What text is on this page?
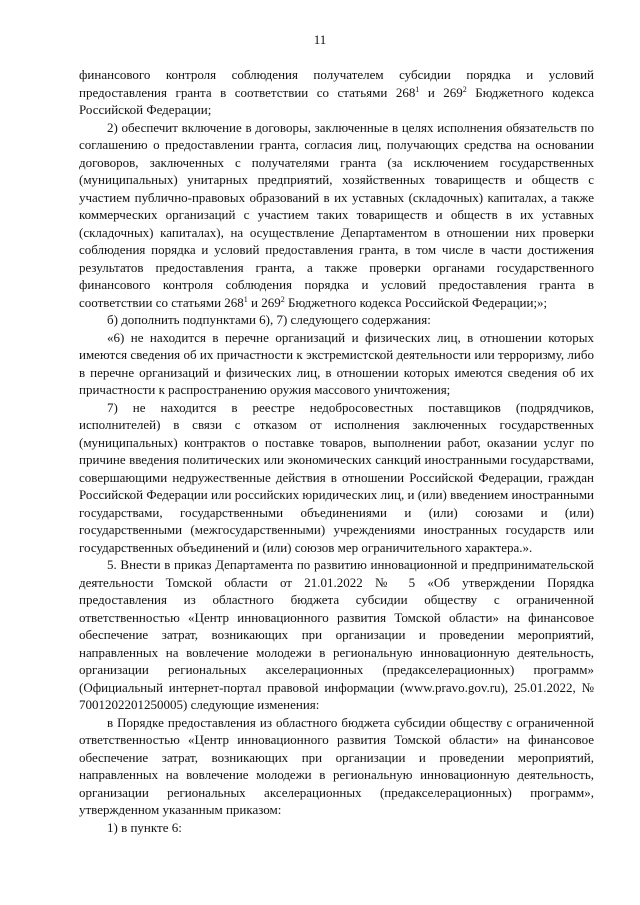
11

финансового контроля соблюдения получателем субсидии порядка и условий предоставления гранта в соответствии со статьями $268^1$ и $269^2$ Бюджетного кодекса Российской Федерации;

2) обеспечит включение в договоры, заключенные в целях исполнения обязательств по соглашению о предоставлении гранта, согласия лиц, получающих средства на основании договоров, заключенных с получателями гранта (за исключением государственных (муниципальных) унитарных предприятий, хозяйственных товариществ и обществ с участием публично-правовых образований в их уставных (складочных) капиталах, а также коммерческих организаций с участием таких товариществ и обществ в их уставных (складочных) капиталах), на осуществление Департаментом в отношении них проверки соблюдения порядка и условий предоставления гранта, в том числе в части достижения результатов предоставления гранта, а также проверки органами государственного финансового контроля соблюдения порядка и условий предоставления гранта в соответствии со статьями $268^1$ и $269^2$ Бюджетного кодекса Российской Федерации;»;

б) дополнить подпунктами 6), 7) следующего содержания:

«6) не находится в перечне организаций и физических лиц, в отношении которых имеются сведения об их причастности к экстремистской деятельности или терроризму, либо в перечне организаций и физических лиц, в отношении которых имеются сведения об их причастности к распространению оружия массового уничтожения;

7) не находится в реестре недобросовестных поставщиков (подрядчиков, исполнителей) в связи с отказом от исполнения заключенных государственных (муниципальных) контрактов о поставке товаров, выполнении работ, оказании услуг по причине введения политических или экономических санкций иностранными государствами, совершающими недружественные действия в отношении Российской Федерации, граждан Российской Федерации или российских юридических лиц, и (или) введением иностранными государствами, государственными объединениями и (или) союзами и (или) государственными (межгосударственными) учреждениями иностранных государств или государственных объединений и (или) союзов мер ограничительного характера.».

5. Внести в приказ Департамента по развитию инновационной и предпринимательской деятельности Томской области от 21.01.2022 № 5 «Об утверждении Порядка предоставления из областного бюджета субсидии обществу с ограниченной ответственностью «Центр инновационного развития Томской области» на финансовое обеспечение затрат, возникающих при организации и проведении мероприятий, направленных на вовлечение молодежи в региональную инновационную деятельность, организации региональных акселерационных (предакселерационных) программ» (Официальный интернет-портал правовой информации (www.pravo.gov.ru), 25.01.2022, № 7001202201250005) следующие изменения:

в Порядке предоставления из областного бюджета субсидии обществу с ограниченной ответственностью «Центр инновационного развития Томской области» на финансовое обеспечение затрат, возникающих при организации и проведении мероприятий, направленных на вовлечение молодежи в региональную инновационную деятельность, организации региональных акселерационных (предакселерационных) программ», утвержденном указанным приказом:

1) в пункте 6:
